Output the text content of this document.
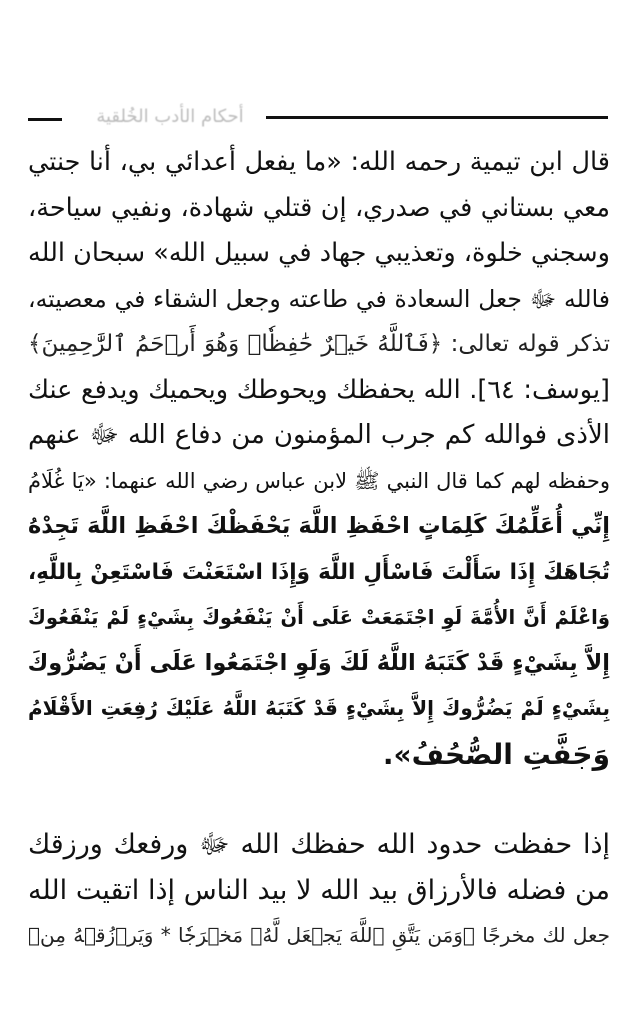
أحكام الأدب الخُلقية
قال ابن تيمية رحمه الله: «ما يفعل أعدائي بي، أنا جنتي
معي بستاني في صدري، إن قتلي شهادة، ونفيي سياحة،
وسجني خلوة، وتعذيبي جهاد في سبيل الله» سبحان الله
فالله ﷻ جعل السعادة في طاعته وجعل الشقاء في معصيته،
تذكر قوله تعالى: ﴿فَٱللَّهُ خَيۡرٌ حَٰفِظٗاۖ وَهُوَ أَرۡحَمُ ٱلرَّٰحِمِينَ﴾
[يوسف: ٦٤]. الله يحفظك ويحوطك ويحميك ويدفع عنك
الأذى فوالله كم جرب المؤمنون من دفاع الله ﷻ عنهم
وحفظه لهم كما قال النبي ﷺ لابن عباس رضي الله عنهما: «يَا غُلَامُ
إِنِّي أُعَلِّمُكَ كَلِمَاتٍ احْفَظِ اللَّهَ يَحْفَظْكَ احْفَظِ اللَّهَ تَجِدْهُ
تُجَاهَكَ إِذَا سَأَلْتَ فَاسْأَلِ اللَّهَ وَإِذَا اسْتَعَنْتَ فَاسْتَعِنْ بِاللَّهِ،
وَاعْلَمْ أَنَّ الأُمَّةَ لَوِ اجْتَمَعَتْ عَلَى أَنْ يَنْفَعُوكَ بِشَيْءٍ لَمْ يَنْفَعُوكَ
إِلاَّ بِشَيْءٍ قَدْ كَتَبَهُ اللَّهُ لَكَ وَلَوِ اجْتَمَعُوا عَلَى أَنْ يَضُرُّوكَ
بِشَيْءٍ لَمْ يَضُرُّوكَ إِلاَّ بِشَيْءٍ قَدْ كَتَبَهُ اللَّهُ عَلَيْكَ رُفِعَتِ الأَقْلَامُ
وَجَفَّتِ الصُّحُفُ».
إذا حفظت حدود الله حفظك الله ﷻ ورفعك ورزقك
من فضله فالأرزاق بيد الله لا بيد الناس إذا اتقيت الله
جعل لك مخرجًا ﴿وَمَن يَتَّقِ ٱللَّهَ يَجۡعَل لَّهُۥ مَخۡرَجٗا * وَيَرۡزُقۡهُ مِنۡ
